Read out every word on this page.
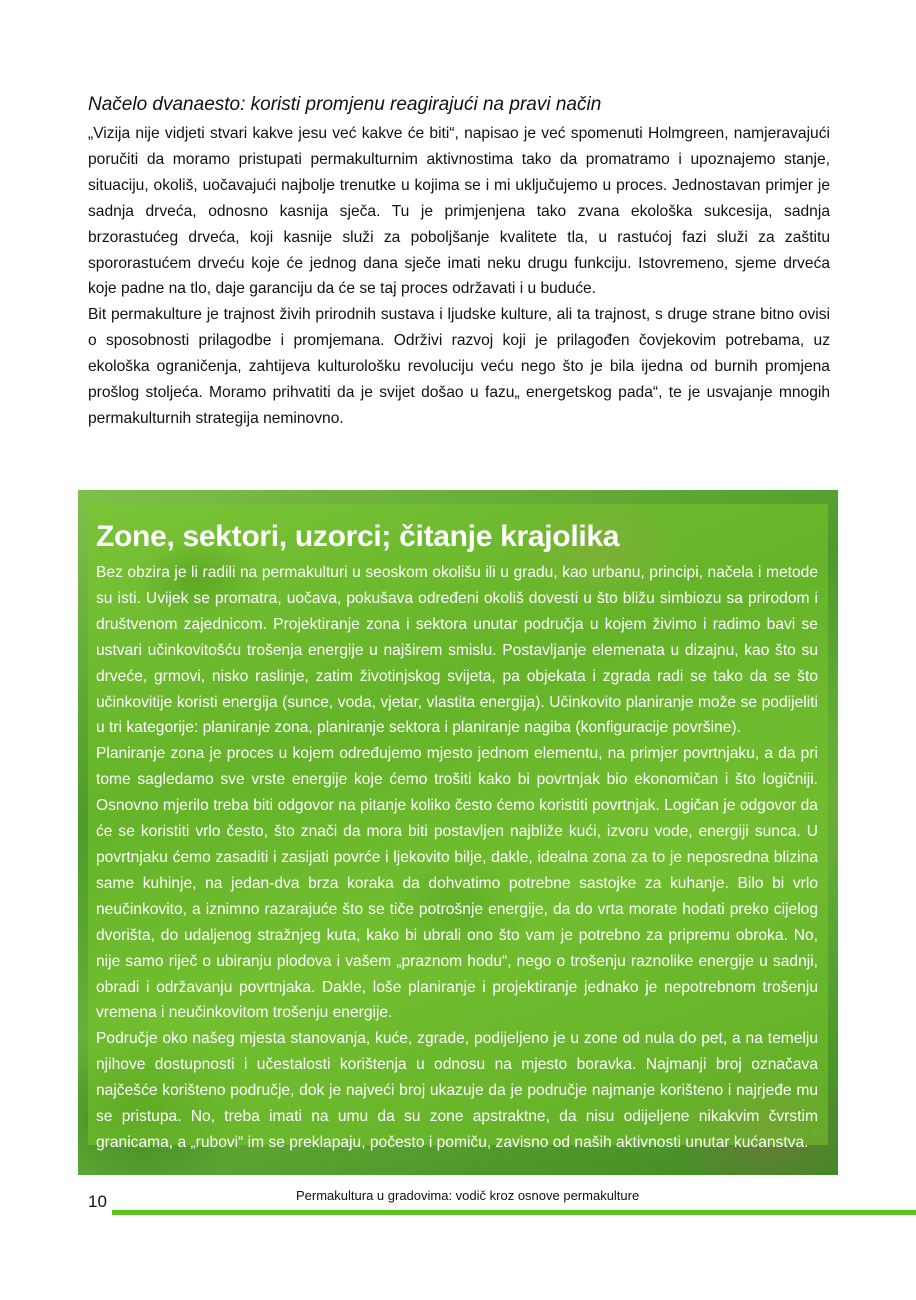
Načelo dvanaesto: koristi promjenu reagirajući na pravi način

„Vizija nije vidjeti stvari kakve jesu već kakve će biti“, napisao je već spomenuti Holmgreen, namjeravajući poručiti da moramo pristupati permakulturnim aktivnostima tako da promatramo i upoznajemo stanje, situaciju, okoliš, uočavajući najbolje trenutke u kojima se i mi uključujemo u proces. Jednostavan primjer je sadnja drveća, odnosno kasnija sječa. Tu je primjenjena tako zvana ekološka sukcesija, sadnja brzorastućeg drveća, koji kasnije služi za poboljšanje kvalitete tla, u rastućoj fazi služi za zaštitu spororastućem drveću koje će jednog dana sječe imati neku drugu funkciju. Istovremeno, sjeme drveća koje padne na tlo, daje garanciju da će se taj proces održavati i u buduće.

Bit permakulture je trajnost živih prirodnih sustava i ljudske kulture, ali ta trajnost, s druge strane bitno ovisi o sposobnosti prilagodbe i promjemana. Održivi razvoj koji je prilagođen čovjekovim potrebama, uz ekološka ograničenja, zahtijeva kulturološku revoluciju veću nego što je bila ijedna od burnih promjena prošlog stoljeća. Moramo prihvatiti da je svijet došao u fazu„ energetskog pada“, te je usvajanje mnogih permakulturnih strategija neminovno.

Zone, sektori, uzorci; čitanje krajolika

Bez obzira je li radili na permakulturi u seoskom okolišu ili u gradu, kao urbanu, principi, načela i metode su isti. Uvijek se promatra, uočava, pokušava određeni okoliš dovesti u što bližu simbiozu sa prirodom i društvenom zajednicom. Projektiranje zona i sektora unutar područja u kojem živimo i radimo bavi se ustvari učinkovitošću trošenja energije u najširem smislu. Postavljanje elemenata u dizajnu, kao što su drveće, grmovi, nisko raslinje, zatim životinjskog svijeta, pa objekata i zgrada radi se tako da se što učinkovitije koristi energija (sunce, voda, vjetar, vlastita energija). Učinkovito planiranje može se podijeliti u tri kategorije: planiranje zona, planiranje sektora i planiranje nagiba (konfiguracije površine).

Planiranje zona je proces u kojem određujemo mjesto jednom elementu, na primjer povrtnjaku, a da pri tome sagledamo sve vrste energije koje ćemo trošiti kako bi povrtnjak bio ekonomičan i što logičniji. Osnovno mjerilo treba biti odgovor na pitanje koliko često ćemo koristiti povrtnjak. Logičan je odgovor da će se koristiti vrlo često, što znači da mora biti postavljen najbliže kući, izvoru vode, energiji sunca. U povrtnjaku ćemo zasaditi i zasijati povrće i ljekovito bilje, dakle, idealna zona za to je neposredna blizina same kuhinje, na jedan-dva brza koraka da dohvatimo potrebne sastojke za kuhanje. Bilo bi vrlo neučinkovito, a iznimno razarajuće što se tiče potrošnje energije, da do vrta morate hodati preko cijelog dvorišta, do udaljenog stražnjeg kuta, kako bi ubrali ono što vam je potrebno za pripremu obroka. No, nije samo riječ o ubiranju plodova i vašem „praznom hodu“, nego o trošenju raznolike energije u sadnji, obradi i održavanju povrtnjaka. Dakle, loše planiranje i projektiranje jednako je nepotrebnom trošenju vremena i neučinkovitom trošenju energije.

Područje oko našeg mjesta stanovanja, kuće, zgrade, podijeljeno je u zone od nula do pet, a na temelju njihove dostupnosti i učestalosti korištenja u odnosu na mjesto boravka. Najmanji broj označava najčešće korišteno područje, dok je najveći broj ukazuje da je područje najmanje korišteno i najrjeđe mu se pristupa. No, treba imati na umu da su zone apstraktne, da nisu odijeljene nikakvim čvrstim granicama, a „rubovi“ im se preklapaju, počesto i pomiču, zavisno od naših aktivnosti unutar kućanstva.

10	Permakultura u gradovima: vodič kroz osnove permakulture
